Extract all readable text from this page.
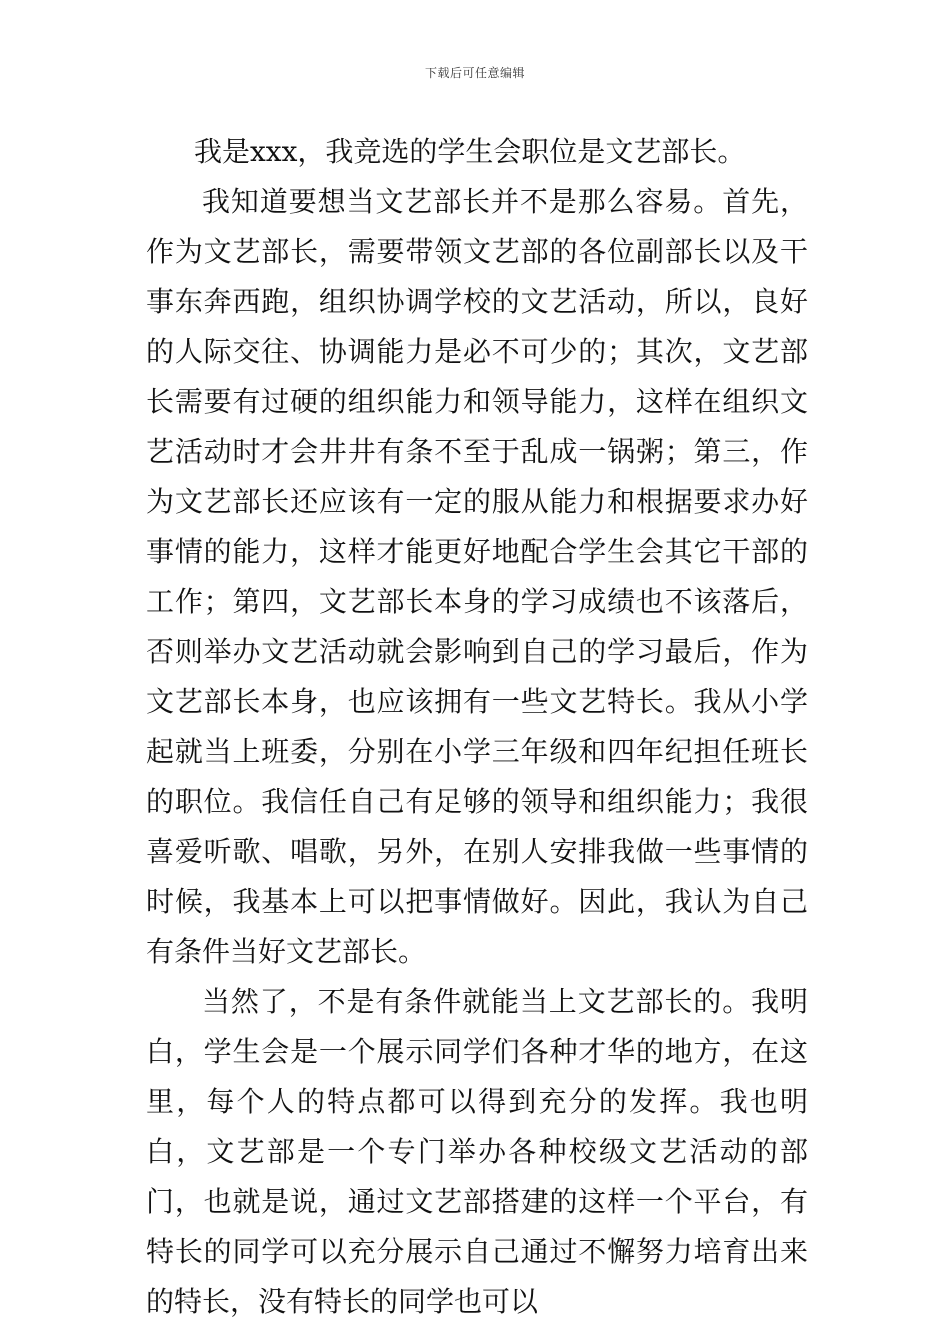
下载后可任意编辑

我是xxx，我竞选的学生会职位是文艺部长。

我知道要想当文艺部长并不是那么容易。首先，作为文艺部长，需要带领文艺部的各位副部长以及干事东奔西跑，组织协调学校的文艺活动，所以，良好的人际交往、协调能力是必不可少的；其次，文艺部长需要有过硬的组织能力和领导能力，这样在组织文艺活动时才会井井有条不至于乱成一锅粥；第三，作为文艺部长还应该有一定的服从能力和根据要求办好事情的能力，这样才能更好地配合学生会其它干部的工作；第四，文艺部长本身的学习成绩也不该落后，否则举办文艺活动就会影响到自己的学习最后，作为文艺部长本身，也应该拥有一些文艺特长。我从小学起就当上班委，分别在小学三年级和四年纪担任班长的职位。我信任自己有足够的领导和组织能力；我很喜爱听歌、唱歌，另外，在别人安排我做一些事情的时候，我基本上可以把事情做好。因此，我认为自己有条件当好文艺部长。

当然了，不是有条件就能当上文艺部长的。我明白，学生会是一个展示同学们各种才华的地方，在这里，每个人的特点都可以得到充分的发挥。我也明白，文艺部是一个专门举办各种校级文艺活动的部门，也就是说，通过文艺部搭建的这样一个平台，有特长的同学可以充分展示自己通过不懈努力培育出来的特长，没有特长的同学也可以
